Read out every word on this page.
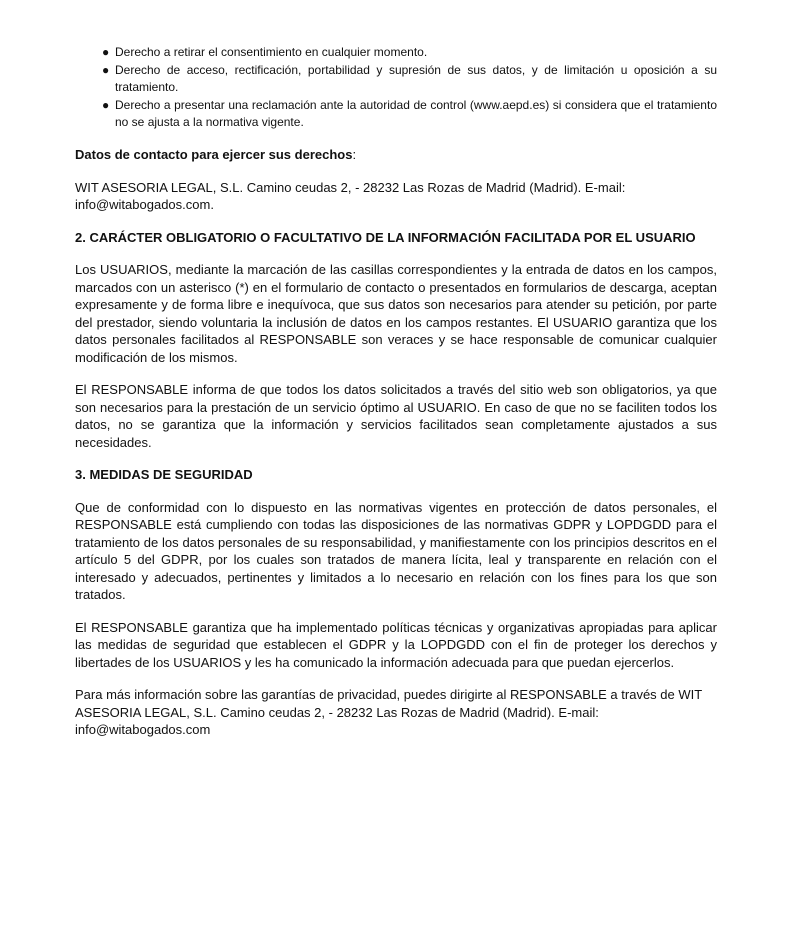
● Derecho a retirar el consentimiento en cualquier momento.
● Derecho de acceso, rectificación, portabilidad y supresión de sus datos, y de limitación u oposición a su tratamiento.
● Derecho a presentar una reclamación ante la autoridad de control (www.aepd.es) si considera que el tratamiento no se ajusta a la normativa vigente.

Datos de contacto para ejercer sus derechos:

WIT ASESORIA LEGAL, S.L. Camino ceudas 2, - 28232 Las Rozas de Madrid (Madrid). E-mail: info@witabogados.com.

2. CARÁCTER OBLIGATORIO O FACULTATIVO DE LA INFORMACIÓN FACILITADA POR EL USUARIO

Los USUARIOS, mediante la marcación de las casillas correspondientes y la entrada de datos en los campos, marcados con un asterisco (*) en el formulario de contacto o presentados en formularios de descarga, aceptan expresamente y de forma libre e inequívoca, que sus datos son necesarios para atender su petición, por parte del prestador, siendo voluntaria la inclusión de datos en los campos restantes. El USUARIO garantiza que los datos personales facilitados al RESPONSABLE son veraces y se hace responsable de comunicar cualquier modificación de los mismos.

El RESPONSABLE informa de que todos los datos solicitados a través del sitio web son obligatorios, ya que son necesarios para la prestación de un servicio óptimo al USUARIO. En caso de que no se faciliten todos los datos, no se garantiza que la información y servicios facilitados sean completamente ajustados a sus necesidades.

3. MEDIDAS DE SEGURIDAD

Que de conformidad con lo dispuesto en las normativas vigentes en protección de datos personales, el RESPONSABLE está cumpliendo con todas las disposiciones de las normativas GDPR y LOPDGDD para el tratamiento de los datos personales de su responsabilidad, y manifiestamente con los principios descritos en el artículo 5 del GDPR, por los cuales son tratados de manera lícita, leal y transparente en relación con el interesado y adecuados, pertinentes y limitados a lo necesario en relación con los fines para los que son tratados.

El RESPONSABLE garantiza que ha implementado políticas técnicas y organizativas apropiadas para aplicar las medidas de seguridad que establecen el GDPR y la LOPDGDD con el fin de proteger los derechos y libertades de los USUARIOS y les ha comunicado la información adecuada para que puedan ejercerlos.

Para más información sobre las garantías de privacidad, puedes dirigirte al RESPONSABLE a través de WIT ASESORIA LEGAL, S.L. Camino ceudas 2, - 28232 Las Rozas de Madrid (Madrid). E-mail: info@witabogados.com
